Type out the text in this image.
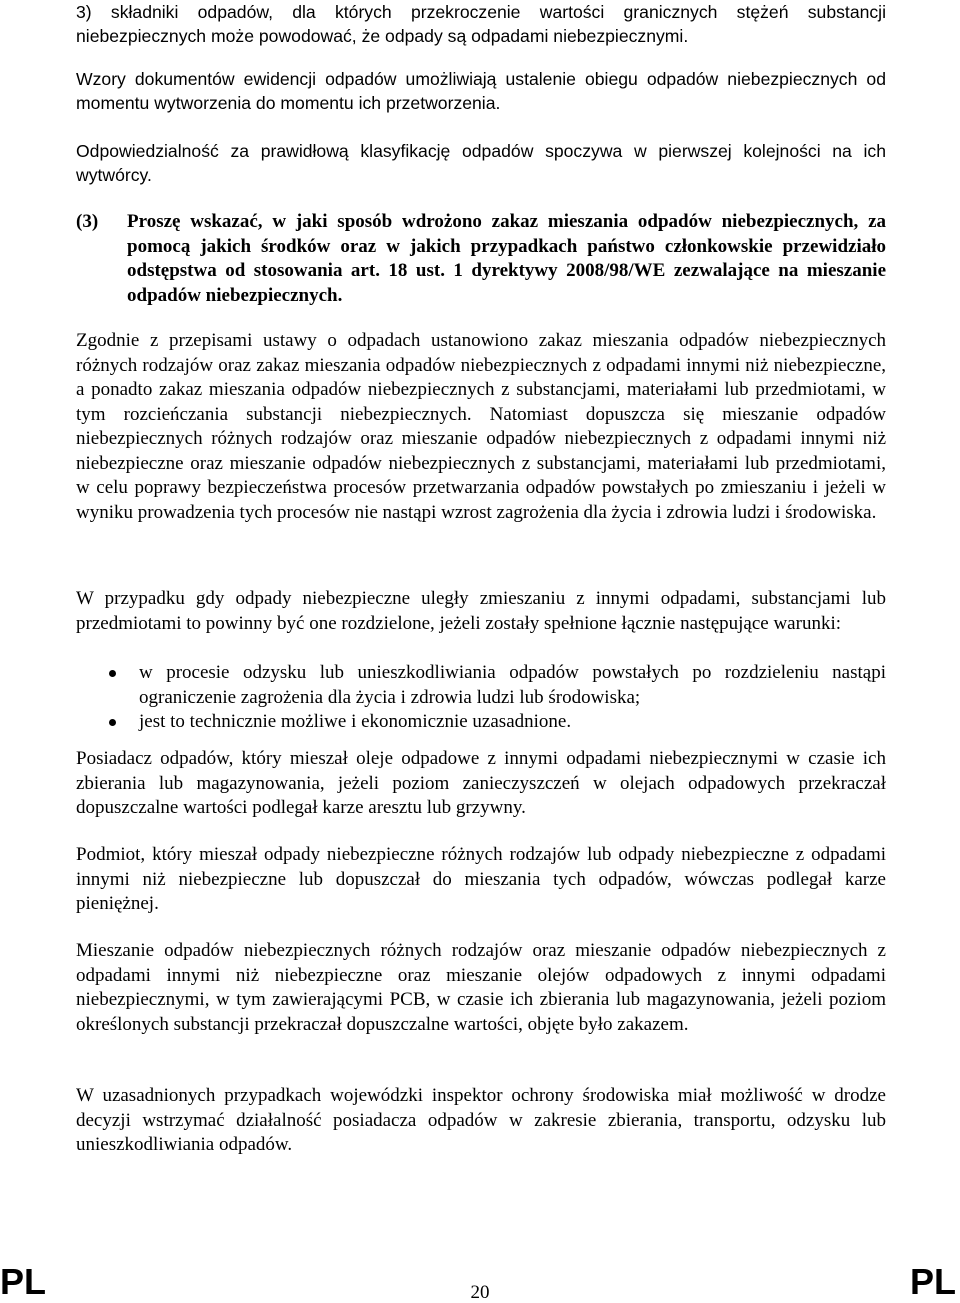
3) składniki odpadów, dla których przekroczenie wartości granicznych stężeń substancji niebezpiecznych może powodować, że odpady są odpadami niebezpiecznymi.

Wzory dokumentów ewidencji odpadów umożliwiają ustalenie obiegu odpadów niebezpiecznych od momentu wytworzenia do momentu ich przetworzenia.

Odpowiedzialność za prawidłową klasyfikację odpadów spoczywa w pierwszej kolejności na ich wytwórcy.

(3) Proszę wskazać, w jaki sposób wdrożono zakaz mieszania odpadów niebezpiecznych, za pomocą jakich środków oraz w jakich przypadkach państwo członkowskie przewidziało odstępstwa od stosowania art. 18 ust. 1 dyrektywy 2008/98/WE zezwalające na mieszanie odpadów niebezpiecznych.

Zgodnie z przepisami ustawy o odpadach ustanowiono zakaz mieszania odpadów niebezpiecznych różnych rodzajów oraz zakaz mieszania odpadów niebezpiecznych z odpadami innymi niż niebezpieczne, a ponadto zakaz mieszania odpadów niebezpiecznych z substancjami, materiałami lub przedmiotami, w tym rozcieńczania substancji niebezpiecznych. Natomiast dopuszcza się mieszanie odpadów niebezpiecznych różnych rodzajów oraz mieszanie odpadów niebezpiecznych z odpadami innymi niż niebezpieczne oraz mieszanie odpadów niebezpiecznych z substancjami, materiałami lub przedmiotami, w celu poprawy bezpieczeństwa procesów przetwarzania odpadów powstałych po zmieszaniu i jeżeli w wyniku prowadzenia tych procesów nie nastąpi wzrost zagrożenia dla życia i zdrowia ludzi i środowiska.

W przypadku gdy odpady niebezpieczne uległy zmieszaniu z innymi odpadami, substancjami lub przedmiotami to powinny być one rozdzielone, jeżeli zostały spełnione łącznie następujące warunki:

w procesie odzysku lub unieszkodliwiania odpadów powstałych po rozdzieleniu nastąpi ograniczenie zagrożenia dla życia i zdrowia ludzi lub środowiska;
jest to technicznie możliwe i ekonomicznie uzasadnione.

Posiadacz odpadów, który mieszał oleje odpadowe z innymi odpadami niebezpiecznymi w czasie ich zbierania lub magazynowania, jeżeli poziom zanieczyszczeń w olejach odpadowych przekraczał dopuszczalne wartości podlegał karze aresztu lub grzywny.

Podmiot, który mieszał odpady niebezpieczne różnych rodzajów lub odpady niebezpieczne z odpadami innymi niż niebezpieczne lub dopuszczał do mieszania tych odpadów, wówczas podlegał karze pieniężnej.

Mieszanie odpadów niebezpiecznych różnych rodzajów oraz mieszanie odpadów niebezpiecznych z odpadami innymi niż niebezpieczne oraz mieszanie olejów odpadowych z innymi odpadami niebezpiecznymi, w tym zawierającymi PCB, w czasie ich zbierania lub magazynowania, jeżeli poziom określonych substancji przekraczał dopuszczalne wartości, objęte było zakazem.

W uzasadnionych przypadkach wojewódzki inspektor ochrony środowiska miał możliwość w drodze decyzji wstrzymać działalność posiadacza odpadów w zakresie zbierania, transportu, odzysku lub unieszkodliwiania odpadów.

PL	20	PL
